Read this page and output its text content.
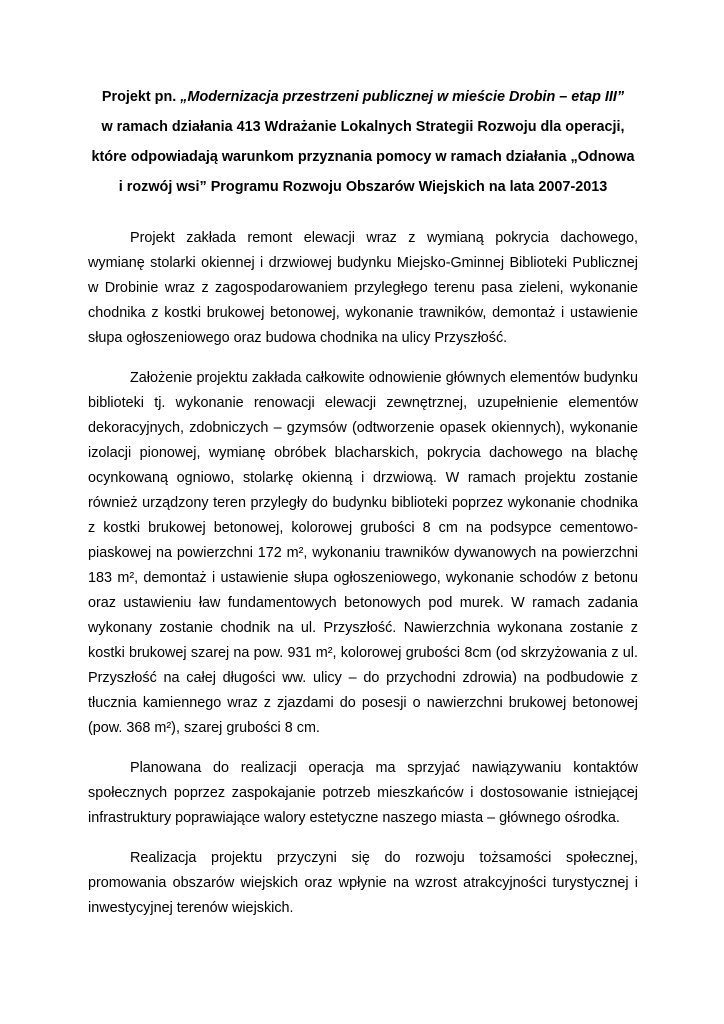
Projekt pn. „Modernizacja przestrzeni publicznej w mieście Drobin – etap III”
w ramach działania 413 Wdrażanie Lokalnych Strategii Rozwoju dla operacji,
które odpowiadają warunkom przyznania pomocy w ramach działania „Odnowa
i rozwój wsi” Programu Rozwoju Obszarów Wiejskich na lata 2007-2013

Projekt zakłada remont elewacji wraz z wymianą pokrycia dachowego, wymianę stolarki okiennej i drzwiowej budynku Miejsko-Gminnej Biblioteki Publicznej w Drobinie wraz z zagospodarowaniem przyległego terenu pasa zieleni, wykonanie chodnika z kostki brukowej betonowej, wykonanie trawników, demontaż i ustawienie słupa ogłoszeniowego oraz budowa chodnika na ulicy Przyszłość.

Założenie projektu zakłada całkowite odnowienie głównych elementów budynku biblioteki tj. wykonanie renowacji elewacji zewnętrznej, uzupełnienie elementów dekoracyjnych, zdobniczych – gzymsów (odtworzenie opasek okiennych), wykonanie izolacji pionowej, wymianę obróbek blacharskich, pokrycia dachowego na blachę ocynkowaną ogniowo, stolarkę okienną i drzwiową. W ramach projektu zostanie również urządzony teren przyległy do budynku biblioteki poprzez wykonanie chodnika z kostki brukowej betonowej, kolorowej grubości 8 cm na podsypce cementowo-piaskowej na powierzchni 172 m², wykonaniu trawników dywanowych na powierzchni 183 m², demontaż i ustawienie słupa ogłoszeniowego, wykonanie schodów z betonu oraz ustawieniu ław fundamentowych betonowych pod murek. W ramach zadania wykonany zostanie chodnik na ul. Przyszłość. Nawierzchnia wykonana zostanie z kostki brukowej szarej na pow. 931 m², kolorowej grubości 8cm (od skrzyżowania z ul. Przyszłość na całej długości ww. ulicy – do przychodni zdrowia) na podbudowie z tłucznia kamiennego wraz z zjazdami do posesji o nawierzchni brukowej betonowej (pow. 368 m²), szarej grubości 8 cm.

Planowana do realizacji operacja ma sprzyjać nawiązywaniu kontaktów społecznych poprzez zaspokajanie potrzeb mieszkańców i dostosowanie istniejącej infrastruktury poprawiające walory estetyczne naszego miasta – głównego ośrodka.

Realizacja projektu przyczyni się do rozwoju tożsamości społecznej, promowania obszarów wiejskich oraz wpłynie na wzrost atrakcyjności turystycznej i inwestycyjnej terenów wiejskich.
